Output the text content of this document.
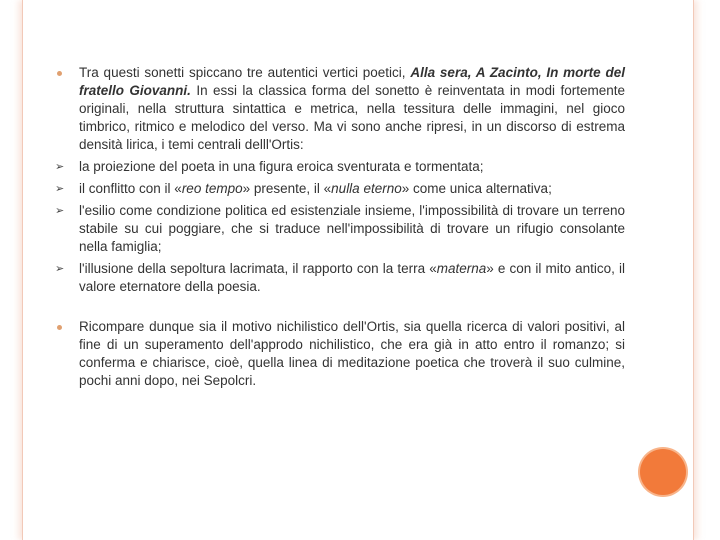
Tra questi sonetti spiccano tre autentici vertici poetici, Alla sera, A Zacinto, In morte del fratello Giovanni. In essi la classica forma del sonetto è reinventata in modi fortemente originali, nella struttura sintattica e metrica, nella tessitura delle immagini, nel gioco timbrico, ritmico e melodico del verso. Ma vi sono anche ripresi, in un discorso di estrema densità lirica, i temi centrali delll'Ortis:
➢ la proiezione del poeta in una figura eroica sventurata e tormentata;
➢ il conflitto con il «reo tempo» presente, il «nulla eterno» come unica alternativa;
➢ l'esilio come condizione politica ed esistenziale insieme, l'impossibilità di trovare un terreno stabile su cui poggiare, che si traduce nell'impossibilità di trovare un rifugio consolante nella famiglia;
➢ l'illusione della sepoltura lacrimata, il rapporto con la terra «materna» e con il mito antico, il valore eternatore della poesia.
Ricompare dunque sia il motivo nichilistico dell'Ortis, sia quella ricerca di valori positivi, al fine di un superamento dell'approdo nichilistico, che era già in atto entro il romanzo; si conferma e chiarisce, cioè, quella linea di meditazione poetica che troverà il suo culmine, pochi anni dopo, nei Sepolcri.
